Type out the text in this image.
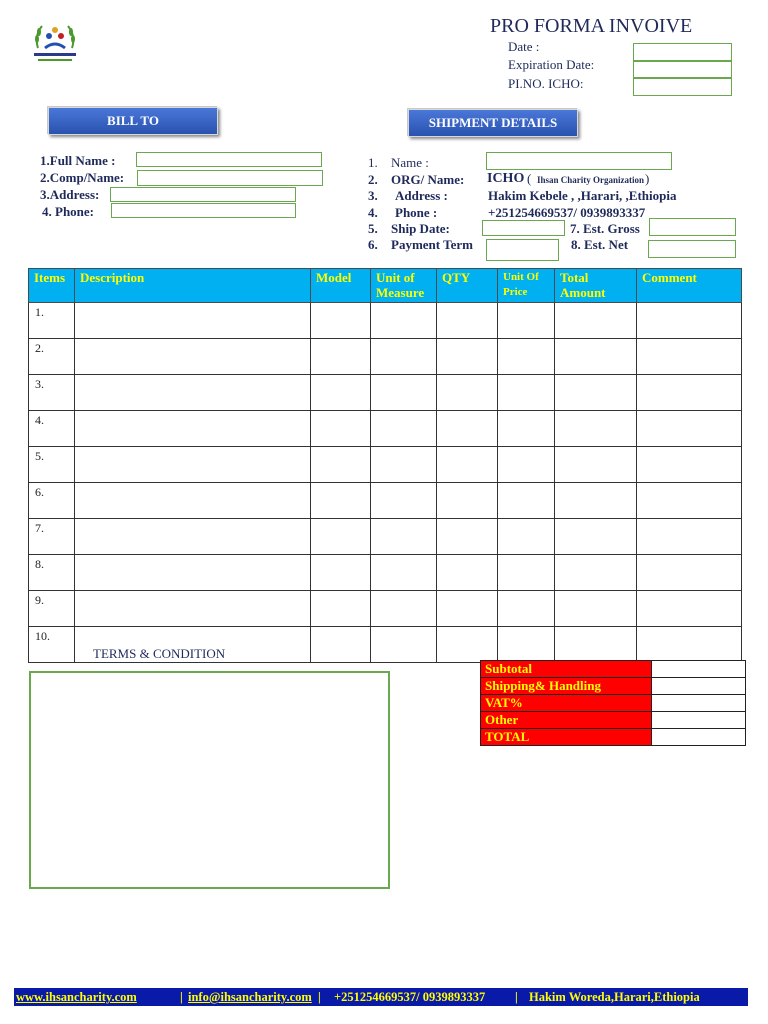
PRO FORMA INVOIVE
Date :
Expiration Date:
PI.NO. ICHO:
BILL TO
1.Full Name :
2.Comp/Name:
3.Address:
4. Phone:
SHIPMENT DETAILS
1. Name :
2. ORG/ Name: ICHO ( Ihsan Charity Organization )
3. Address :	Hakim Kebele , ,Harari, ,Ethiopia
4. Phone :	+251254669537/ 0939893337
5. Ship Date:	7. Est. Gross
6. Payment Term	8. Est. Net
Items	Description	Model	Unit of Measure	QTY	Unit Of Price	Total Amount	Comment
1.							
2.							
3.							
4.							
5.							
6.							
7.							
8.							
9.							
10.							
TERMS & CONDITION
Subtotal	
Shipping& Handling	
VAT%	
Other	
TOTAL	
www.ihsancharity.com	| info@ihsancharity.com | +251254669537/ 0939893337 | Hakim Woreda,Harari,Ethiopia
